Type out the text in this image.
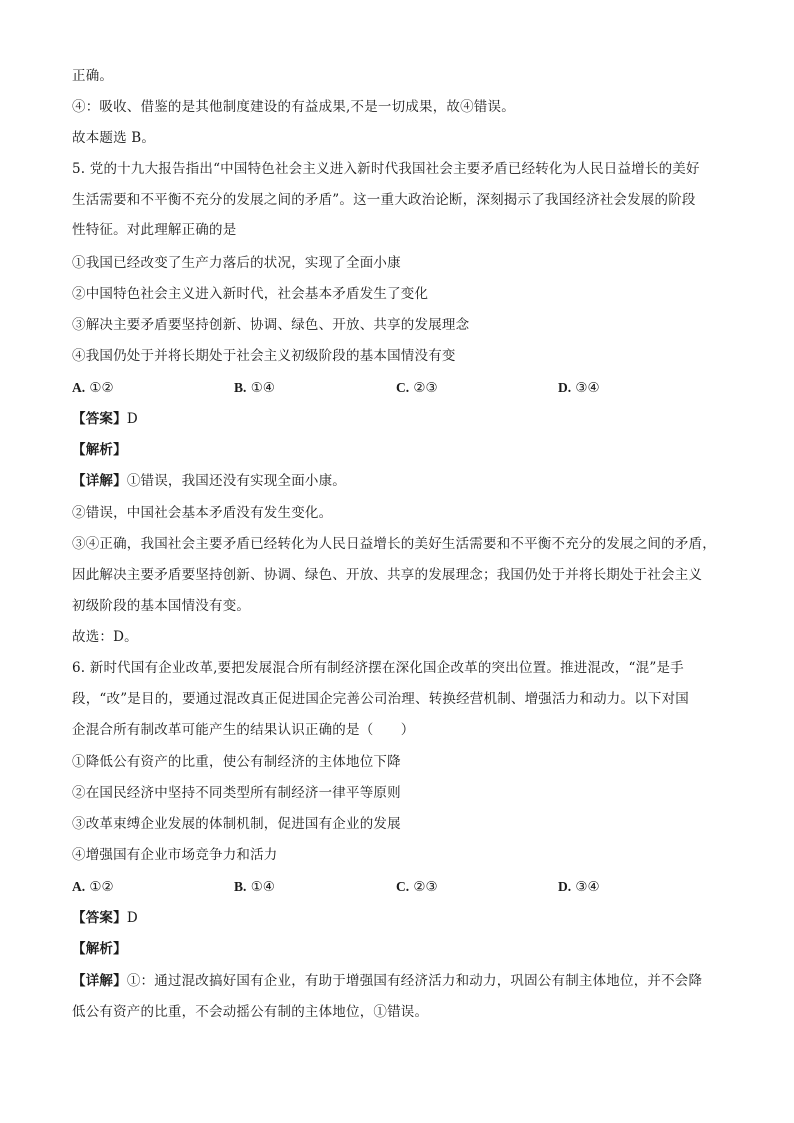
正确。
④：吸收、借鉴的是其他制度建设的有益成果,不是一切成果，故④错误。
故本题选 B。
5. 党的十九大报告指出“中国特色社会主义进入新时代我国社会主要矛盾已经转化为人民日益增长的美好
生活需要和不平衡不充分的发展之间的矛盾”。这一重大政治论断，深刻揭示了我国经济社会发展的阶段
性特征。对此理解正确的是
①我国已经改变了生产力落后的状况，实现了全面小康
②中国特色社会主义进入新时代，社会基本矛盾发生了变化
③解决主要矛盾要坚持创新、协调、绿色、开放、共享的发展理念
④我国仍处于并将长期处于社会主义初级阶段的基本国情没有变
A. ①②	B. ①④	C. ②③	D. ③④
【答案】D
【解析】
【详解】①错误，我国还没有实现全面小康。
②错误，中国社会基本矛盾没有发生变化。
③④正确，我国社会主要矛盾已经转化为人民日益增长的美好生活需要和不平衡不充分的发展之间的矛盾，
因此解决主要矛盾要坚持创新、协调、绿色、开放、共享的发展理念；我国仍处于并将长期处于社会主义
初级阶段的基本国情没有变。
故选：D。
6. 新时代国有企业改革,要把发展混合所有制经济摆在深化国企改革的突出位置。推进混改，“混”是手
段，“改”是目的，要通过混改真正促进国企完善公司治理、转换经营机制、增强活力和动力。以下对国
企混合所有制改革可能产生的结果认识正确的是（　　）
①降低公有资产的比重，使公有制经济的主体地位下降
②在国民经济中坚持不同类型所有制经济一律平等原则
③改革束缚企业发展的体制机制，促进国有企业的发展
④增强国有企业市场竞争力和活力
A. ①②	B. ①④	C. ②③	D. ③④
【答案】D
【解析】
【详解】①：通过混改搞好国有企业，有助于增强国有经济活力和动力，巩固公有制主体地位，并不会降
低公有资产的比重，不会动摇公有制的主体地位，①错误。
